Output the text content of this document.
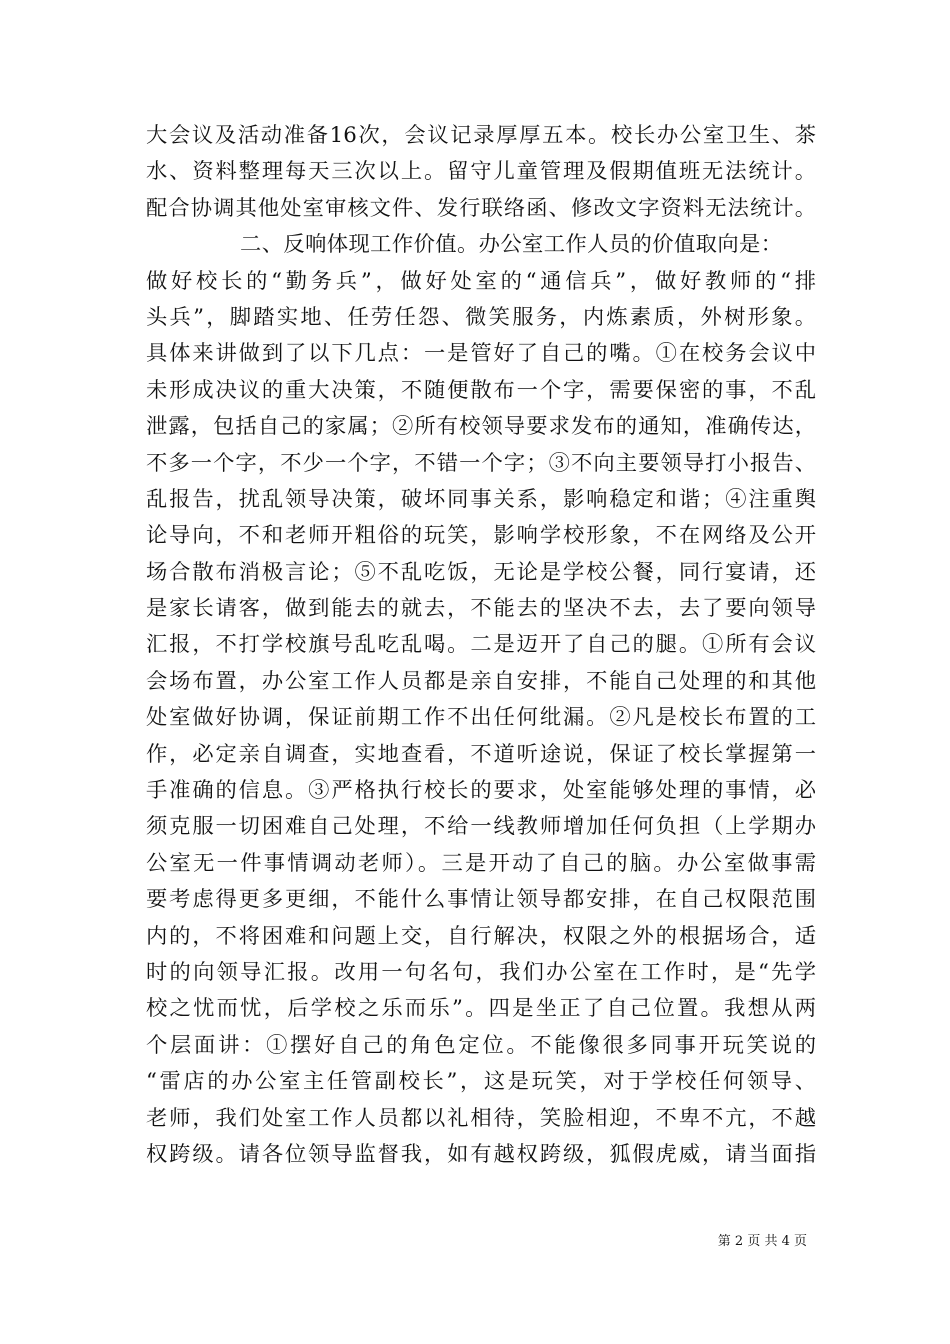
大会议及活动准备16次，会议记录厚厚五本。校长办公室卫生、茶
水、资料整理每天三次以上。留守儿童管理及假期值班无法统计。
配合协调其他处室审核文件、发行联络函、修改文字资料无法统计。
二、反响体现工作价值。办公室工作人员的价值取向是：
做好校长的“勤务兵”，做好处室的“通信兵”，做好教师的“排
头兵”，脚踏实地、任劳任怨、微笑服务，内炼素质，外树形象。
具体来讲做到了以下几点：一是管好了自己的嘴。①在校务会议中
未形成决议的重大决策，不随便散布一个字，需要保密的事，不乱
泄露，包括自己的家属；②所有校领导要求发布的通知，准确传达，
不多一个字，不少一个字，不错一个字；③不向主要领导打小报告、
乱报告，扰乱领导决策，破坏同事关系，影响稳定和谐；④注重舆
论导向，不和老师开粗俗的玩笑，影响学校形象，不在网络及公开
场合散布消极言论；⑤不乱吃饭，无论是学校公餐，同行宴请，还
是家长请客，做到能去的就去，不能去的坚决不去，去了要向领导
汇报，不打学校旗号乱吃乱喝。二是迈开了自己的腿。①所有会议
会场布置，办公室工作人员都是亲自安排，不能自己处理的和其他
处室做好协调，保证前期工作不出任何纰漏。②凡是校长布置的工
作，必定亲自调查，实地查看，不道听途说，保证了校长掌握第一
手准确的信息。③严格执行校长的要求，处室能够处理的事情，必
须克服一切困难自己处理，不给一线教师增加任何负担（上学期办
公室无一件事情调动老师）。三是开动了自己的脑。办公室做事需
要考虑得更多更细，不能什么事情让领导都安排，在自己权限范围
内的，不将困难和问题上交，自行解决，权限之外的根据场合，适
时的向领导汇报。改用一句名句，我们办公室在工作时，是“先学
校之忧而忧，后学校之乐而乐”。四是坐正了自己位置。我想从两
个层面讲：①摆好自己的角色定位。不能像很多同事开玩笑说的
“雷店的办公室主任管副校长”，这是玩笑，对于学校任何领导、
老师，我们处室工作人员都以礼相待，笑脸相迎，不卑不亢，不越
权跨级。请各位领导监督我，如有越权跨级，狐假虎威，请当面指
第 2 页 共 4 页
